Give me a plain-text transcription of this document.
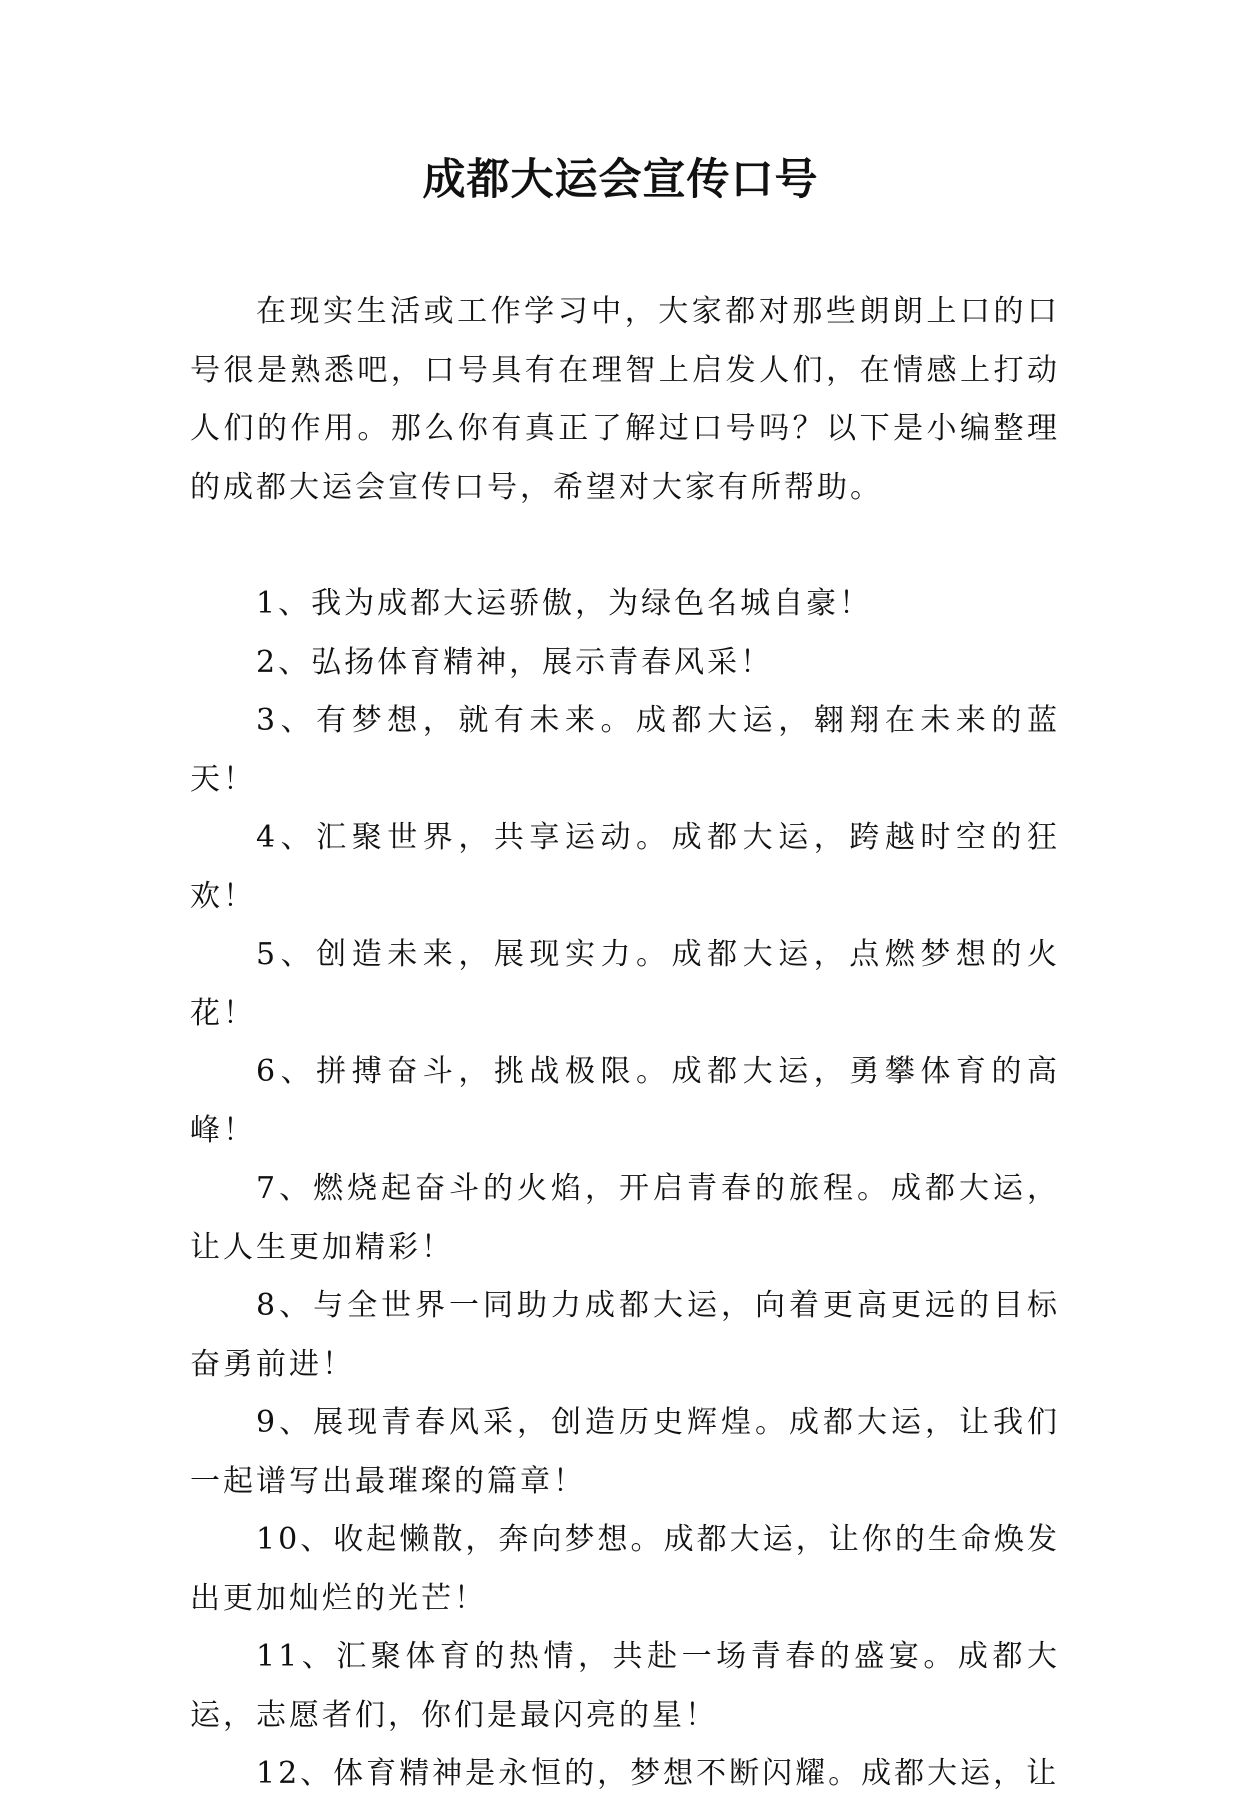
成都大运会宣传口号
在现实生活或工作学习中，大家都对那些朗朗上口的口号很是熟悉吧，口号具有在理智上启发人们，在情感上打动人们的作用。那么你有真正了解过口号吗？以下是小编整理的成都大运会宣传口号，希望对大家有所帮助。

1、我为成都大运骄傲，为绿色名城自豪！

2、弘扬体育精神，展示青春风采！

3、有梦想，就有未来。成都大运，翱翔在未来的蓝天！

4、汇聚世界，共享运动。成都大运，跨越时空的狂欢！

5、创造未来，展现实力。成都大运，点燃梦想的火花！

6、拼搏奋斗，挑战极限。成都大运，勇攀体育的高峰！

7、燃烧起奋斗的火焰，开启青春的旅程。成都大运，让人生更加精彩！

8、与全世界一同助力成都大运，向着更高更远的目标奋勇前进！

9、展现青春风采，创造历史辉煌。成都大运，让我们一起谱写出最璀璨的篇章！

10、收起懒散，奔向梦想。成都大运，让你的生命焕发出更加灿烂的光芒！

11、汇聚体育的热情，共赴一场青春的盛宴。成都大运，志愿者们，你们是最闪亮的星！

12、体育精神是永恒的，梦想不断闪耀。成都大运，让
